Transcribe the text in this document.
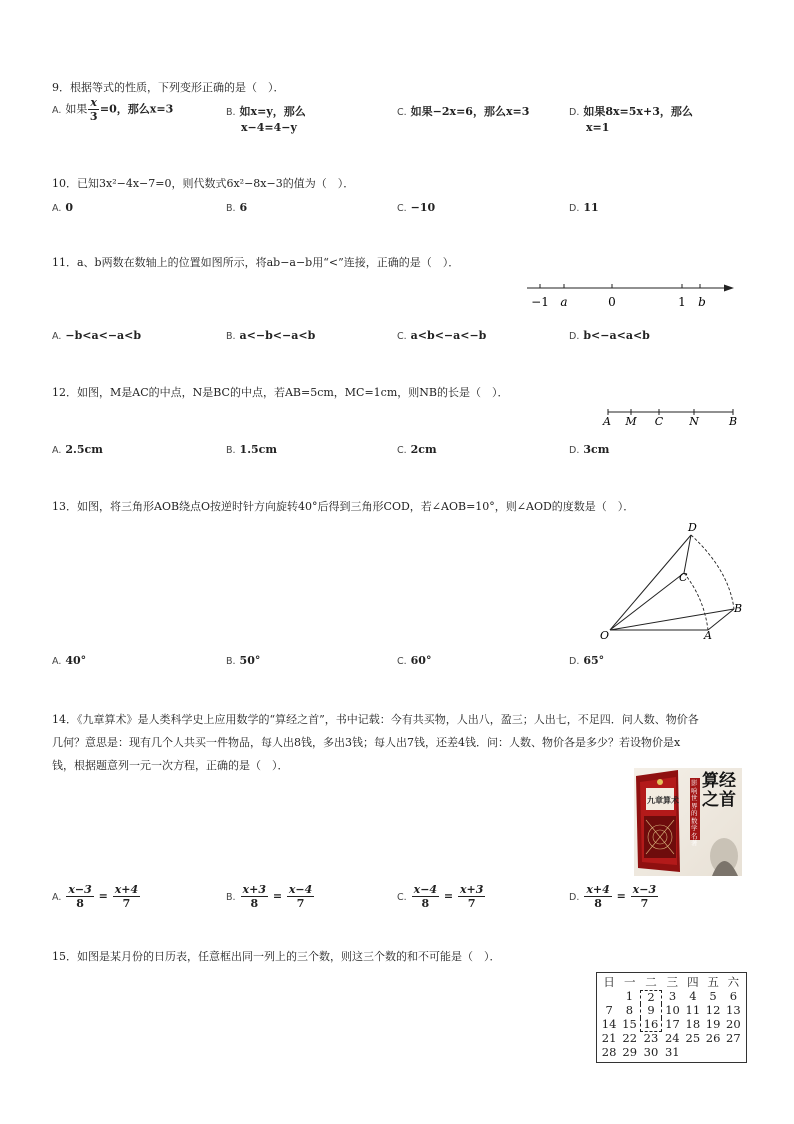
9．根据等式的性质，下列变形正确的是（　）．
A. 如果 $\frac{x}{3} =0$，那么x=3	B. 如x=y，那么
x−4=4−y
C. 如果−2x=6，那么x=3	D. 如果8x=5x+3，那么
x=1
10．已知3x²−4x−7=0，则代数式6x²−8x−3的值为（　）．
A. 0	B. 6	C. −10	D. 11
11．a、b两数在数轴上的位置如图所示，将ab−a−b用“<”连接，正确的是（　）．
−1 a	0	1 b
A. −b<a<−a<b	B. a<−b<−a<b	C. a<b<−a<−b	D. b<−a<a<b
12．如图，M是AC的中点，N是BC的中点，若AB=5cm，MC=1cm，则NB的长是（　）．
A M C N	B
A. 2.5cm	B. 1.5cm	C. 2cm	D. 3cm
13．如图，将三角形AOB绕点O按逆时针方向旋转40°后得到三角形COD，若∠AOB=10°，则∠AOD的度数是（　）．
D
C
B
O	A
A. 40°	B. 50°	C. 60°	D. 65°
14．《九章算术》是人类科学史上应用数学的“算经之首”，书中记载：今有共买物，人出八，盈三；人出七，不足四．问人数、物价各几何？意思是：现有几个人共买一件物品，每人出8钱，多出3钱；每人出7钱，还差4钱．问：人数、物价各是多少？若设物价是x钱，根据题意列一元一次方程，正确的是（　）．
九章算术
影响世界的数学名著
算经之首
A. $\frac{x-3}{8} = \frac{x+4}{7}$	B. $\frac{x+3}{8} = \frac{x-4}{7}$	C. $\frac{x-4}{8} = \frac{x+3}{7}$	D. $\frac{x+4}{8} = \frac{x-3}{7}$
15．如图是某月份的日历表，任意框出同一列上的三个数，则这三个数的和不可能是（　）．
日	一	二	三	四	五	六
	1	2	3	4	5	6
7	8	9	10	11	12	13
14	15	16	17	18	19	20
21	22	23	24	25	26	27
28	29	30	31			
